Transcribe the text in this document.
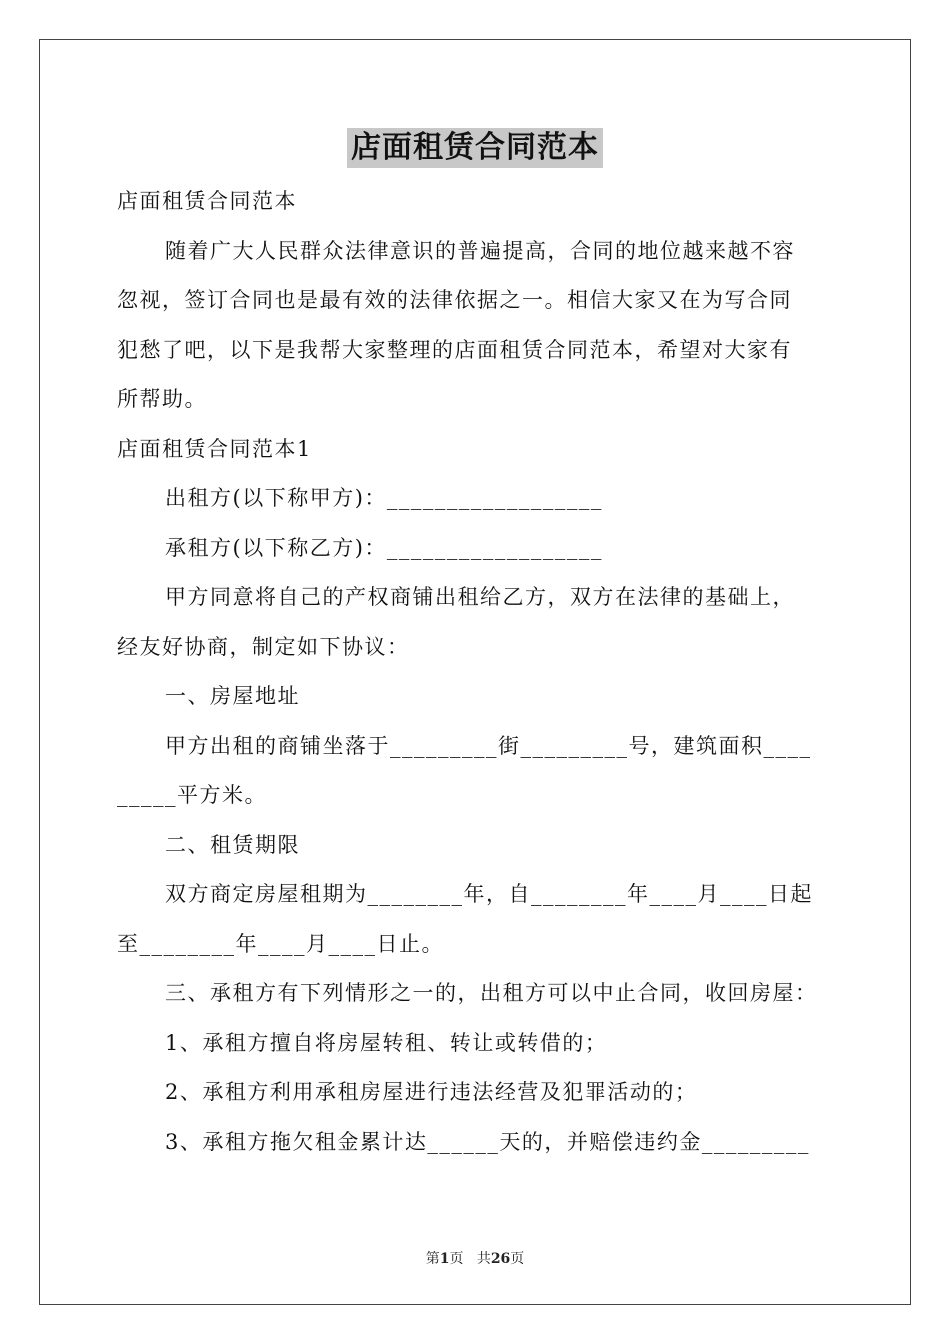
店面租赁合同范本
店面租赁合同范本
随着广大人民群众法律意识的普遍提高，合同的地位越来越不容
忽视，签订合同也是最有效的法律依据之一。相信大家又在为写合同
犯愁了吧，以下是我帮大家整理的店面租赁合同范本，希望对大家有
所帮助。
店面租赁合同范本1
出租方(以下称甲方)：__________________
承租方(以下称乙方)：__________________
甲方同意将自己的产权商铺出租给乙方，双方在法律的基础上，
经友好协商，制定如下协议：
一、房屋地址
甲方出租的商铺坐落于_________街_________号，建筑面积____
_____平方米。
二、租赁期限
双方商定房屋租期为________年，自________年____月____日起
至________年____月____日止。
三、承租方有下列情形之一的，出租方可以中止合同，收回房屋：
1、承租方擅自将房屋转租、转让或转借的；
2、承租方利用承租房屋进行违法经营及犯罪活动的；
3、承租方拖欠租金累计达______天的，并赔偿违约金_________
第1页 共26页
